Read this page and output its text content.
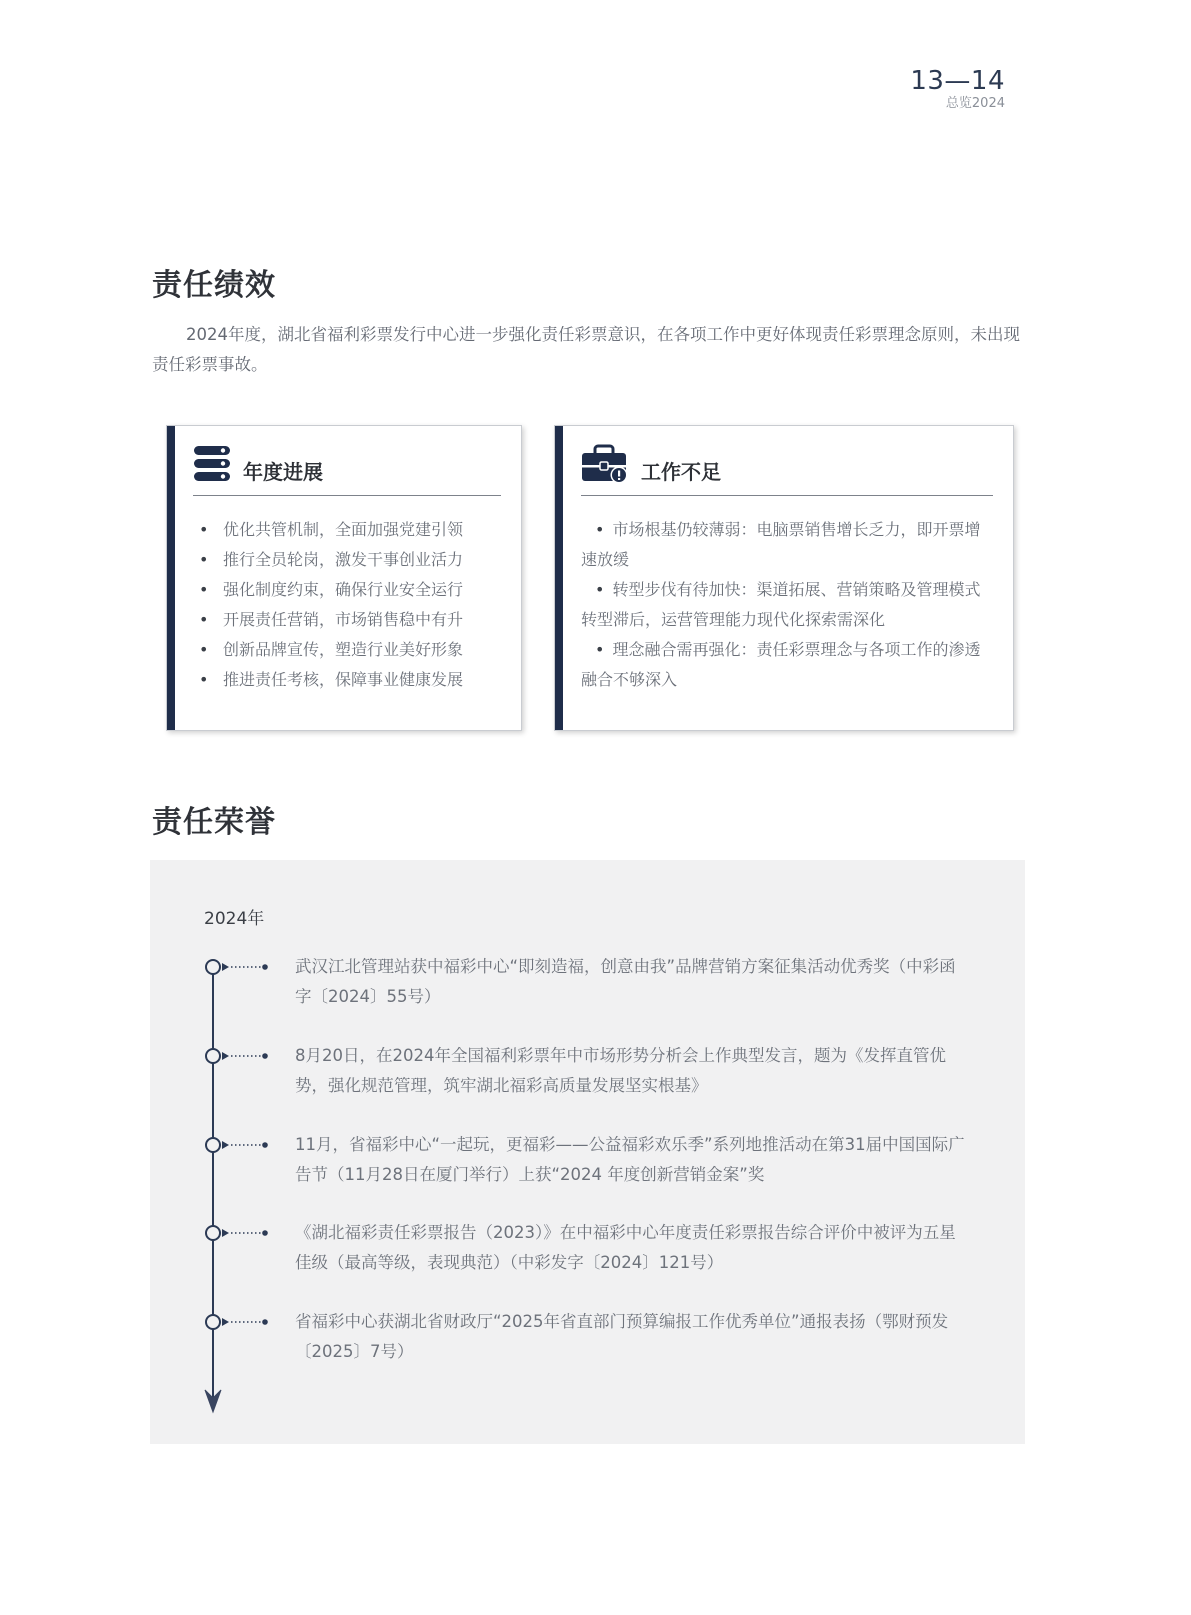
13—14
总览2024
责任绩效

2024年度，湖北省福利彩票发行中心进一步强化责任彩票意识，在各项工作中更好体现责任彩票理念原则，未出现责任彩票事故。

年度进展
• 优化共管机制，全面加强党建引领
• 推行全员轮岗，激发干事创业活力
• 强化制度约束，确保行业安全运行
• 开展责任营销，市场销售稳中有升
• 创新品牌宣传，塑造行业美好形象
• 推进责任考核，保障事业健康发展
工作不足
• 市场根基仍较薄弱：电脑票销售增长乏力，即开票增速放缓
• 转型步伐有待加快：渠道拓展、营销策略及管理模式转型滞后，运营管理能力现代化探索需深化
• 理念融合需再强化：责任彩票理念与各项工作的渗透融合不够深入
责任荣誉
2024年
武汉江北管理站获中福彩中心“即刻造福，创意由我”品牌营销方案征集活动优秀奖（中彩函字〔2024〕55号）
8月20日，在2024年全国福利彩票年中市场形势分析会上作典型发言，题为《发挥直管优势，强化规范管理，筑牢湖北福彩高质量发展坚实根基》
11月，省福彩中心“一起玩，更福彩——公益福彩欢乐季”系列地推活动在第31届中国国际广告节（11月28日在厦门举行）上获“2024 年度创新营销金案”奖
《湖北福彩责任彩票报告（2023）》在中福彩中心年度责任彩票报告综合评价中被评为五星佳级（最高等级，表现典范）（中彩发字〔2024〕121号）
省福彩中心获湖北省财政厅“2025年省直部门预算编报工作优秀单位”通报表扬（鄂财预发〔2025〕7号）
